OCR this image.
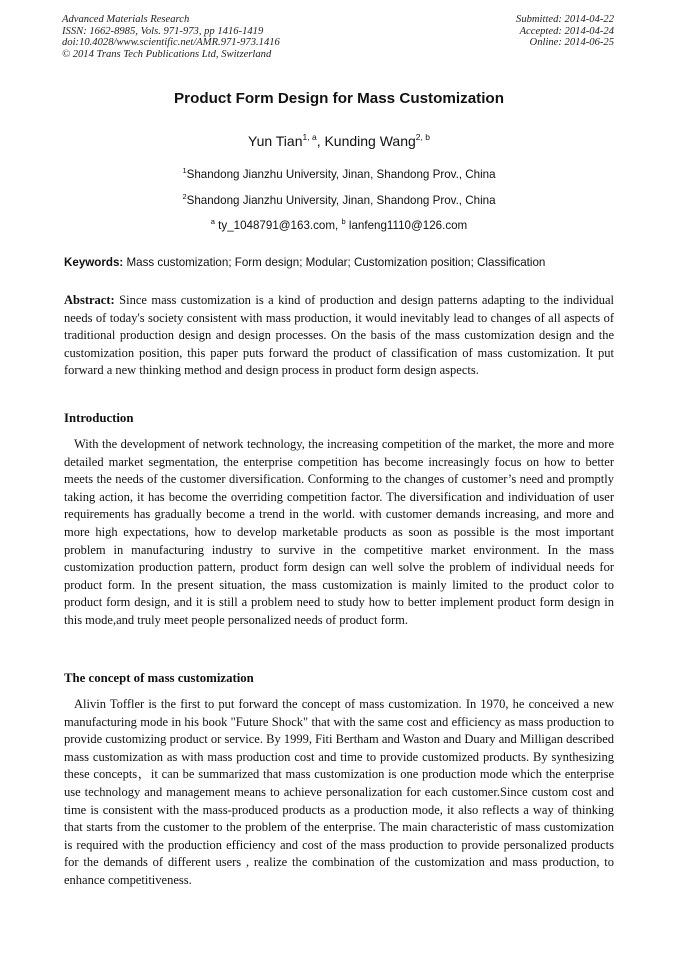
Advanced Materials Research
ISSN: 1662-8985, Vols. 971-973, pp 1416-1419
doi:10.4028/www.scientific.net/AMR.971-973.1416
© 2014 Trans Tech Publications Ltd, Switzerland
Submitted: 2014-04-22
Accepted: 2014-04-24
Online: 2014-06-25
Product Form Design for Mass Customization
Yun Tian$^{1, a}$, Kunding Wang$^{2, b}$
$^1$Shandong Jianzhu University, Jinan, Shandong Prov., China
$^2$Shandong Jianzhu University, Jinan, Shandong Prov., China
$^a$ ty_1048791@163.com, $^b$ lanfeng1110@126.com
Keywords: Mass customization; Form design; Modular; Customization position; Classification
Abstract: Since mass customization is a kind of production and design patterns adapting to the individual needs of today's society consistent with mass production, it would inevitably lead to changes of all aspects of traditional production design and design processes. On the basis of the mass customization design and the customization position, this paper puts forward the product of classification of mass customization. It put forward a new thinking method and design process in product form design aspects.
Introduction
With the development of network technology, the increasing competition of the market, the more and more detailed market segmentation, the enterprise competition has become increasingly focus on how to better meets the needs of the customer diversification. Conforming to the changes of customer’s need and promptly taking action, it has become the overriding competition factor. The diversification and individuation of user requirements has gradually become a trend in the world. with customer demands increasing, and more and more high expectations, how to develop marketable products as soon as possible is the most important problem in manufacturing industry to survive in the competitive market environment. In the mass customization production pattern, product form design can well solve the problem of individual needs for product form. In the present situation, the mass customization is mainly limited to the product color to product form design, and it is still a problem need to study how to better implement product form design in this mode,and truly meet people personalized needs of product form.
The concept of mass customization
Alivin Toffler is the first to put forward the concept of mass customization. In 1970, he conceived a new manufacturing mode in his book "Future Shock" that with the same cost and efficiency as mass production to provide customizing product or service. By 1999, Fiti Bertham and Waston and Duary and Milligan described mass customization as with mass production cost and time to provide customized products. By synthesizing these concepts，it can be summarized that mass customization is one production mode which the enterprise use technology and management means to achieve personalization for each customer.Since custom cost and time is consistent with the mass-produced products as a production mode, it also reflects a way of thinking that starts from the customer to the problem of the enterprise. The main characteristic of mass customization is required with the production efficiency and cost of the mass production to provide personalized products for the demands of different users , realize the combination of the customization and mass production, to enhance competitiveness.
